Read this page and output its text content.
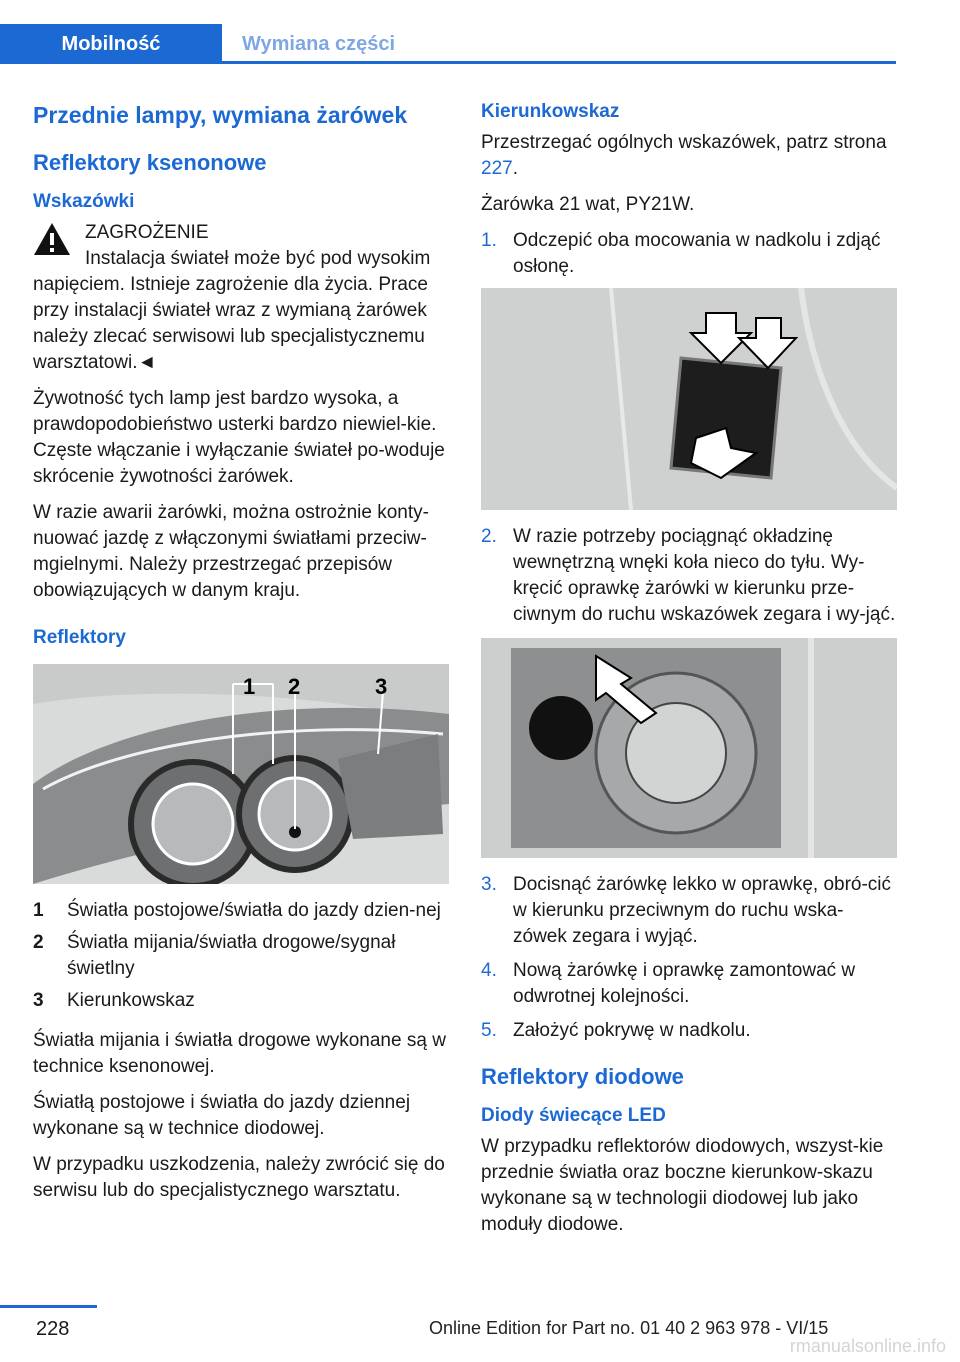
Mobilność	Wymiana części
Przednie lampy, wymiana żarówek
Reflektory ksenonowe
Wskazówki
ZAGROŻENIE
Instalacja świateł może być pod wysokim
napięciem. Istnieje zagrożenie dla życia. Prace przy instalacji świateł wraz z wymianą żarówek należy zlecać serwisowi lub specjalistycznemu warsztatowi.◄
Żywotność tych lamp jest bardzo wysoka, a prawdopodobieństwo usterki bardzo niewiel‐kie. Częste włączanie i wyłączanie świateł po‐woduje skrócenie żywotności żarówek.
W razie awarii żarówki, można ostrożnie konty‐nuować jazdę z włączonymi światłami przeciw‐mgielnymi. Należy przestrzegać przepisów obowiązujących w danym kraju.
Reflektory
1 2	3
1	Światła postojowe/światła do jazdy dzien‐nej
2	Światła mijania/światła drogowe/sygnał świetlny
3	Kierunkowskaz
Światła mijania i światła drogowe wykonane są w technice ksenonowej.
Światłą postojowe i światła do jazdy dziennej wykonane są w technice diodowej.
W przypadku uszkodzenia, należy zwrócić się do serwisu lub do specjalistycznego warsztatu.
Kierunkowskaz
Przestrzegać ogólnych wskazówek, patrz strona 227.
Żarówka 21 wat, PY21W.
1. Odczepić oba mocowania w nadkolu i zdjąć osłonę.
2. W razie potrzeby pociągnąć okładzinę wewnętrzną wnęki koła nieco do tyłu. Wy‐kręcić oprawkę żarówki w kierunku prze‐ciwnym do ruchu wskazówek zegara i wy‐jąć.
3. Docisnąć żarówkę lekko w oprawkę, obró‐cić w kierunku przeciwnym do ruchu wska‐zówek zegara i wyjąć.
4. Nową żarówkę i oprawkę zamontować w odwrotnej kolejności.
5. Założyć pokrywę w nadkolu.
Reflektory diodowe
Diody świecące LED
W przypadku reflektorów diodowych, wszyst‐kie przednie światła oraz boczne kierunkow‐skazu wykonane są w technologii diodowej lub jako moduły diodowe.
228	Online Edition for Part no. 01 40 2 963 978 - VI/15
rmanualsonline.info
